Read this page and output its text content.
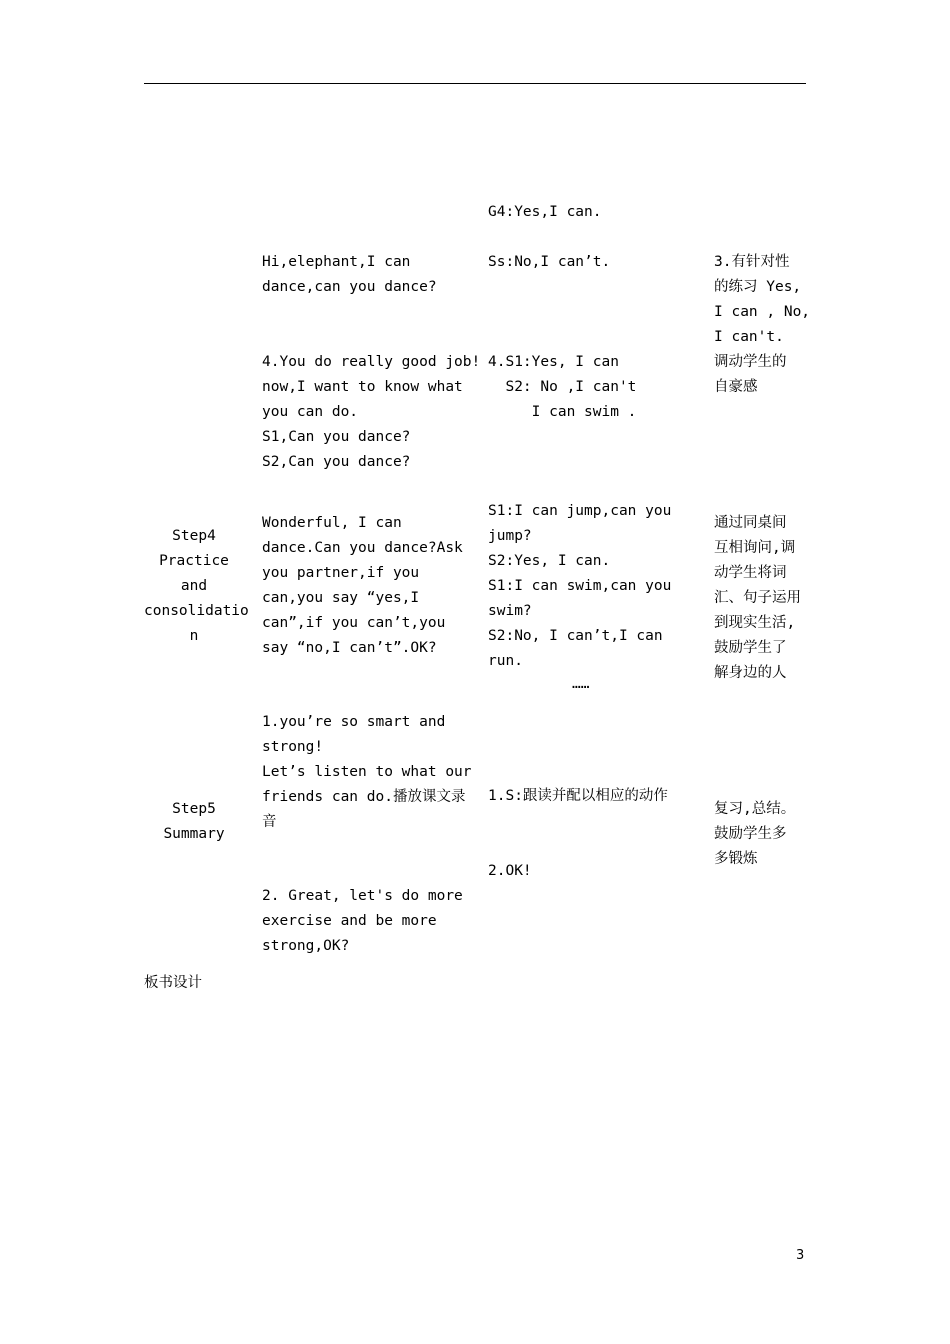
G4:Yes,I can.
Hi,elephant,I can
dance,can you dance?
Ss:No,I can’t.	3.有针对性
的练习 Yes,
I can , No,
I can't.
调动学生的
自豪感
4.You do really good job!
now,I want to know what
you can do.
S1,Can you dance?
S2,Can you dance?
4.S1:Yes, I can
S2: No ,I can't
I can swim .
Step4
Practice
and
consolidatio
n
Wonderful, I can
dance.Can you dance?Ask
you partner,if you
can,you say “yes,I
can”,if you can’t,you
say “no,I can’t”.OK?
S1:I can jump,can you
jump?
S2:Yes, I can.
S1:I can swim,can you
swim?
S2:No, I can’t,I can
run.
……
通过同桌间
互相询问,调
动学生将词
汇、句子运用
到现实生活,
鼓励学生了
解身边的人
Step5
Summary
1.you’re so smart and
strong!
Let’s listen to what our
friends can do.播放课文录
音
1.S:跟读并配以相应的动作
复习,总结。
鼓励学生多
多锻炼
2. Great, let's do more
exercise and be more
strong,OK?
2.OK!
板书设计
3
